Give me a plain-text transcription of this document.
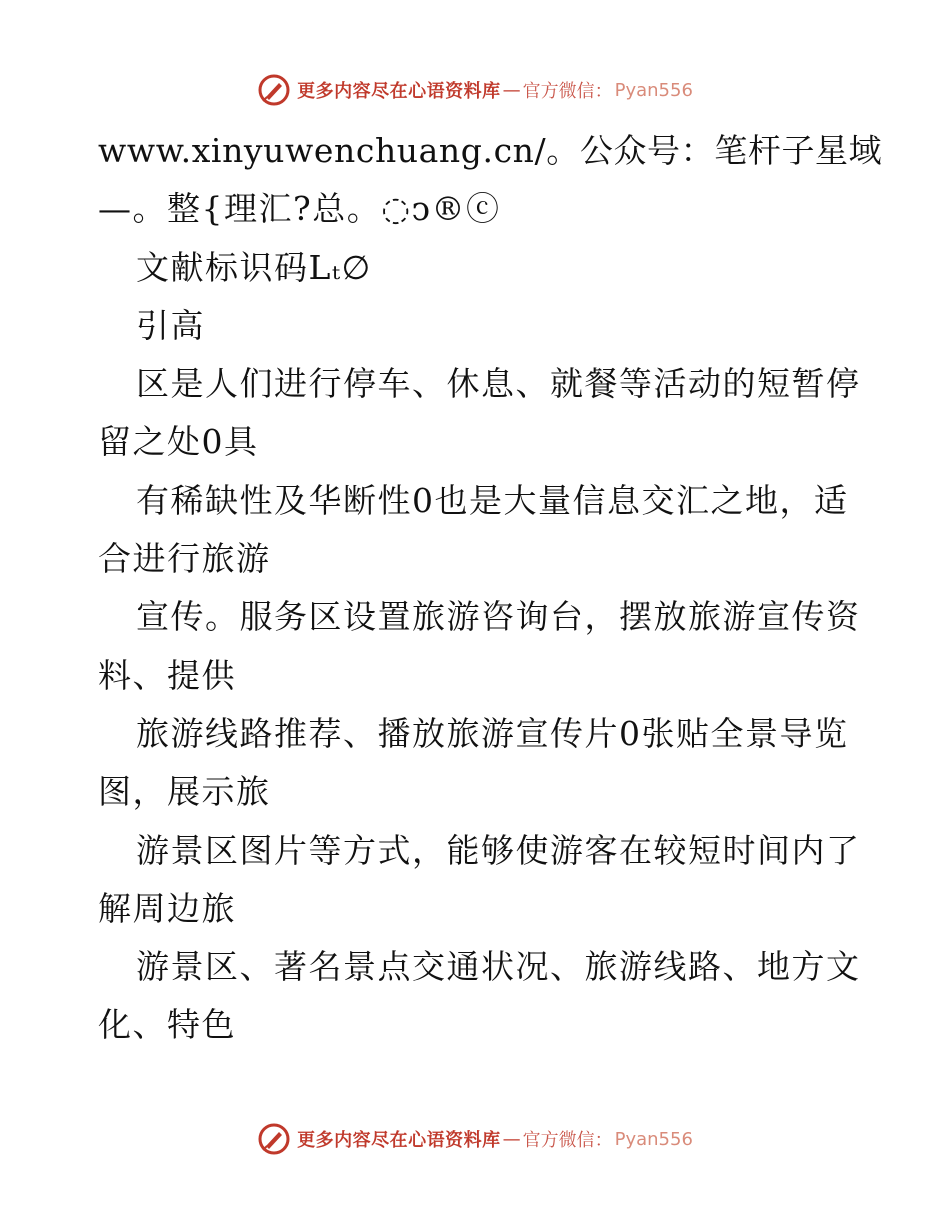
更多内容尽在心语资料库 — 官方微信： Pyan556
www.xinyuwenchuang.cn/。公众号：笔杆子星域
—。整{理汇?总。◌ↄ®ⓒ
文献标识码Lₜ∅
引高
区是人们进行停车、休息、就餐等活动的短暂停
留之处0具
有稀缺性及华断性0也是大量信息交汇之地，适
合进行旅游
宣传。服务区设置旅游咨询台，摆放旅游宣传资
料、提供
旅游线路推荐、播放旅游宣传片0张贴全景导览
图，展示旅
游景区图片等方式，能够使游客在较短时间内了
解周边旅
游景区、著名景点交通状况、旅游线路、地方文
化、特色
更多内容尽在心语资料库 — 官方微信： Pyan556
